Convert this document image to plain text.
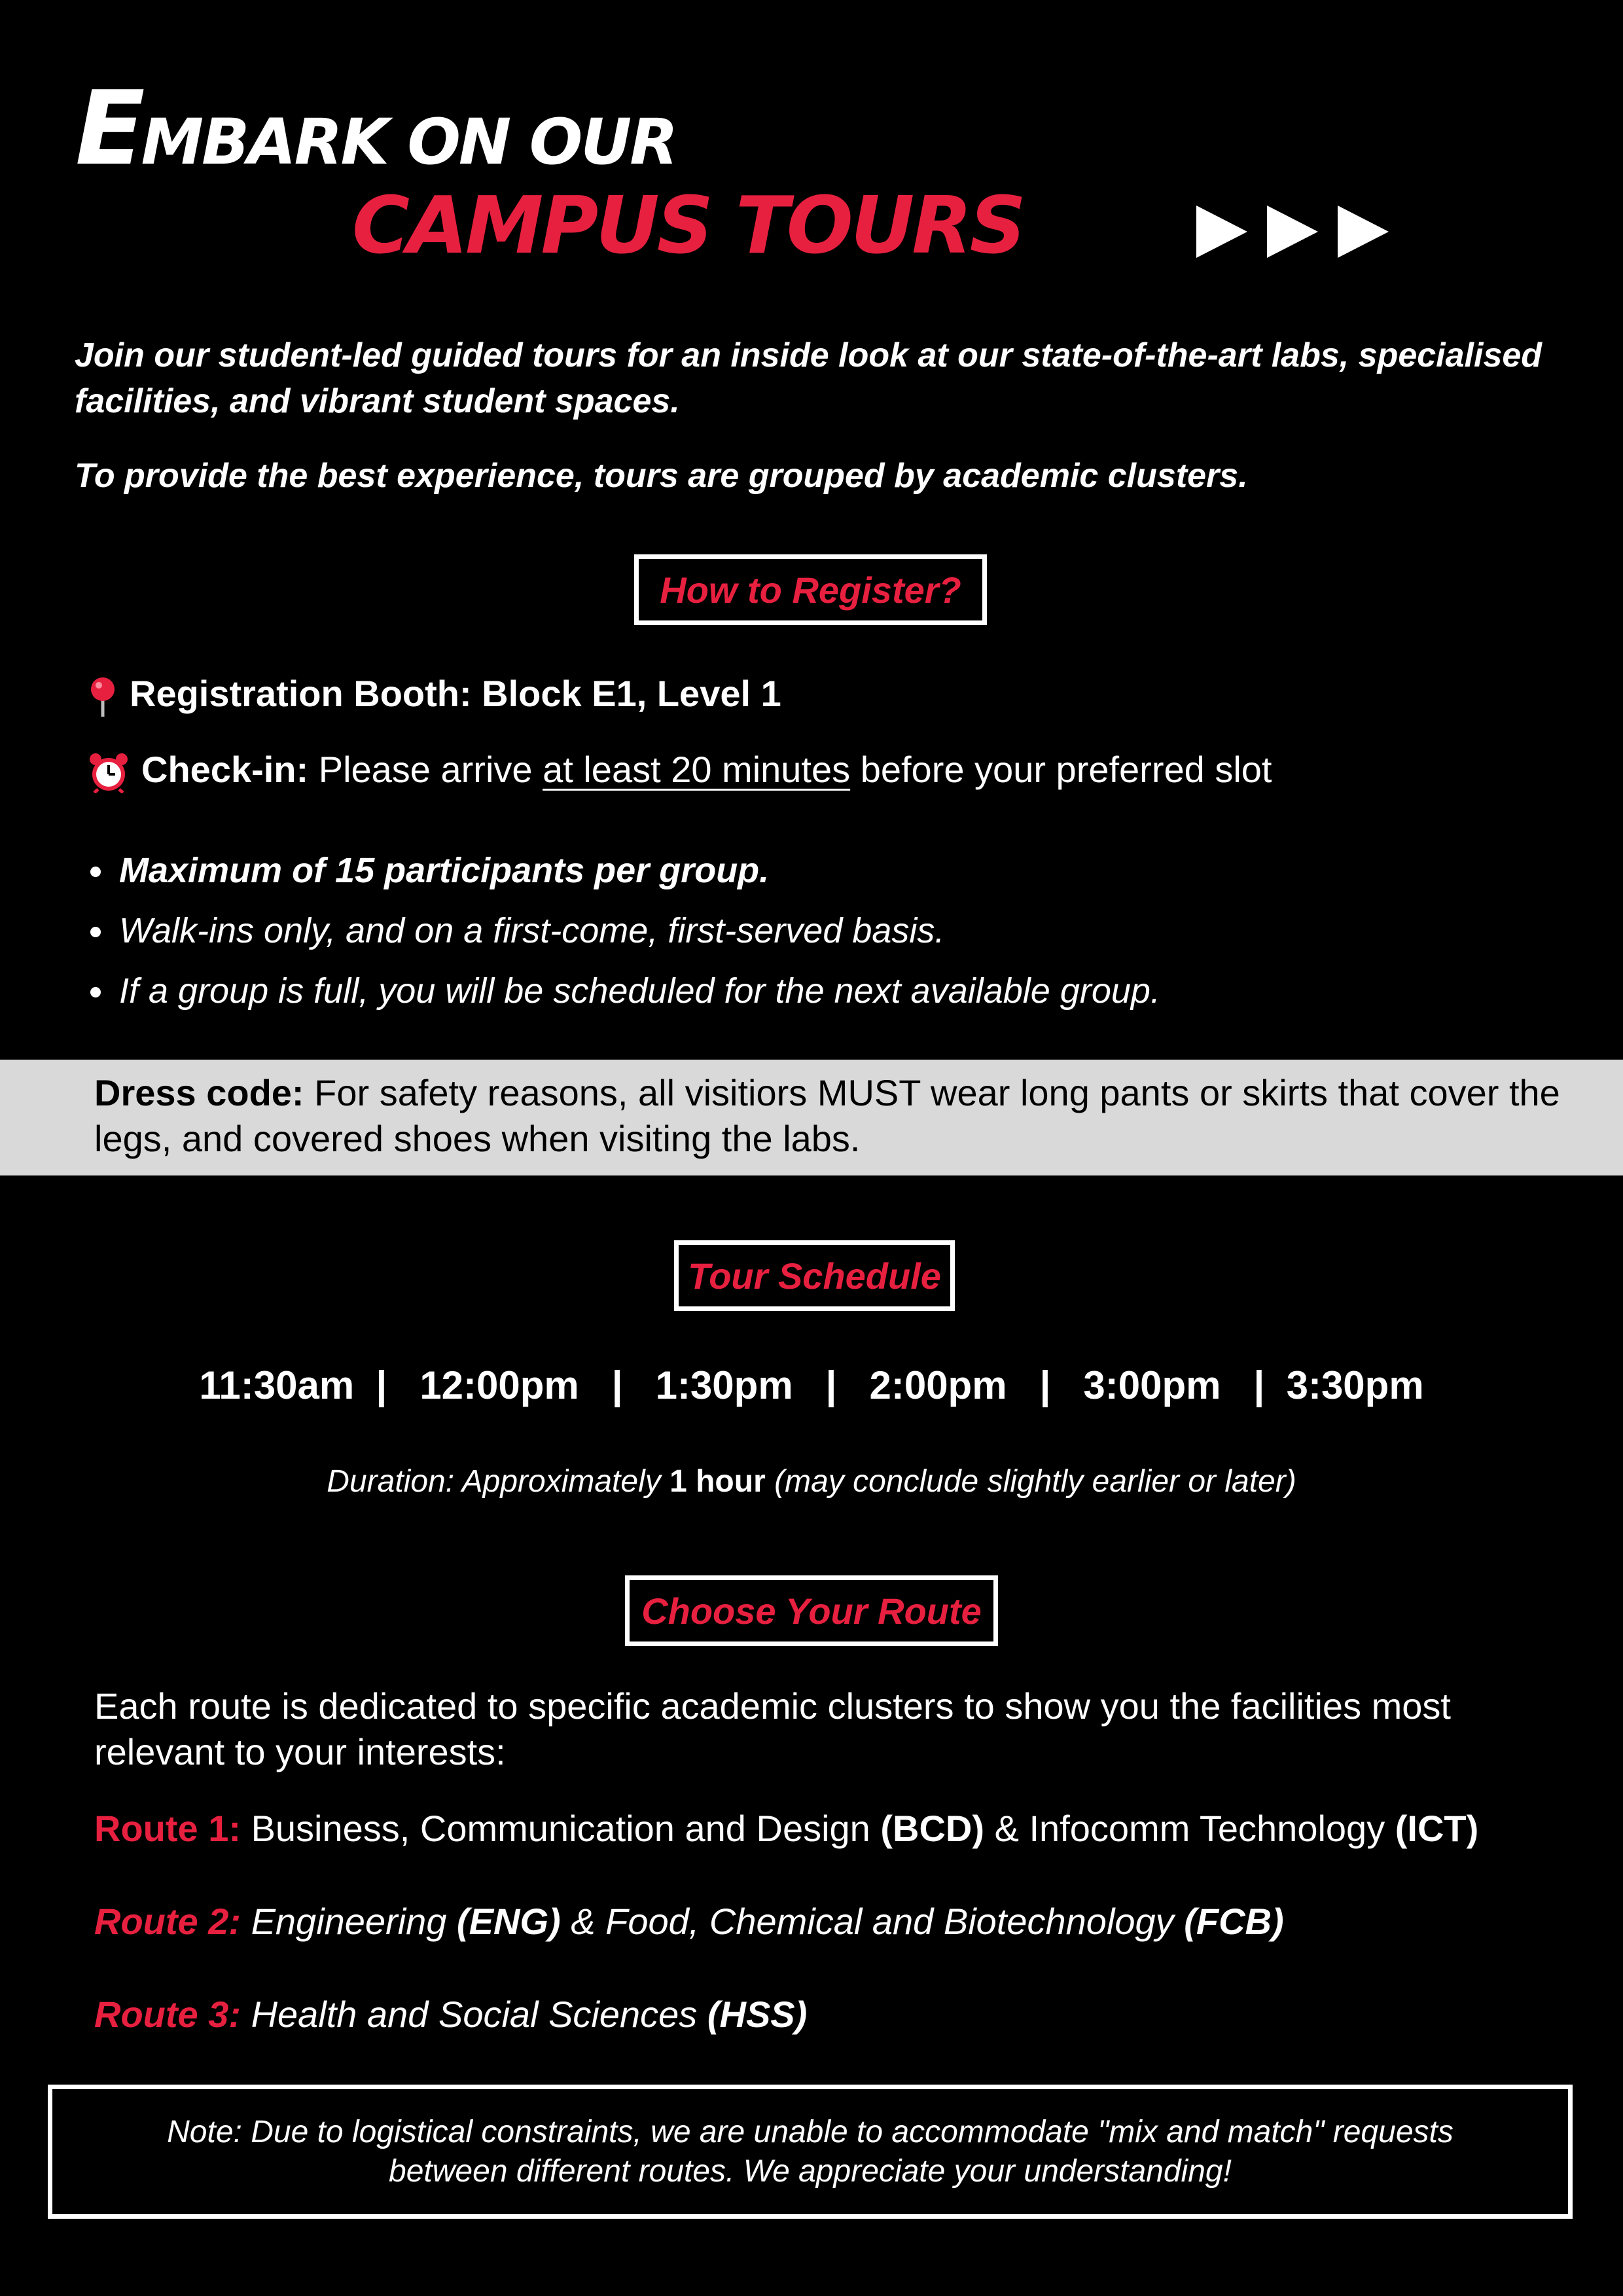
EMBARK ON OUR
CAMPUS TOURS
Join our student-led guided tours for an inside look at our state-of-the-art labs, specialised facilities, and vibrant student spaces.
To provide the best experience, tours are grouped by academic clusters.
How to Register?
Registration Booth: Block E1, Level 1
Check-in: Please arrive at least 20 minutes before your preferred slot
Maximum of 15 participants per group.
Walk-ins only, and on a first-come, first-served basis.
If a group is full, you will be scheduled for the next available group.
Dress code: For safety reasons, all visitiors MUST wear long pants or skirts that cover the legs, and covered shoes when visiting the labs.
Tour Schedule
11:30am  |   12:00pm   |   1:30pm   |   2:00pm   |   3:00pm   |  3:30pm
Duration: Approximately 1 hour (may conclude slightly earlier or later)
Choose Your Route
Each route is dedicated to specific academic clusters to show you the facilities most relevant to your interests:
Route 1: Business, Communication and Design (BCD) & Infocomm Technology (ICT)
Route 2: Engineering (ENG) & Food, Chemical and Biotechnology (FCB)
Route 3: Health and Social Sciences (HSS)
Note: Due to logistical constraints, we are unable to accommodate "mix and match" requests between different routes. We appreciate your understanding!
